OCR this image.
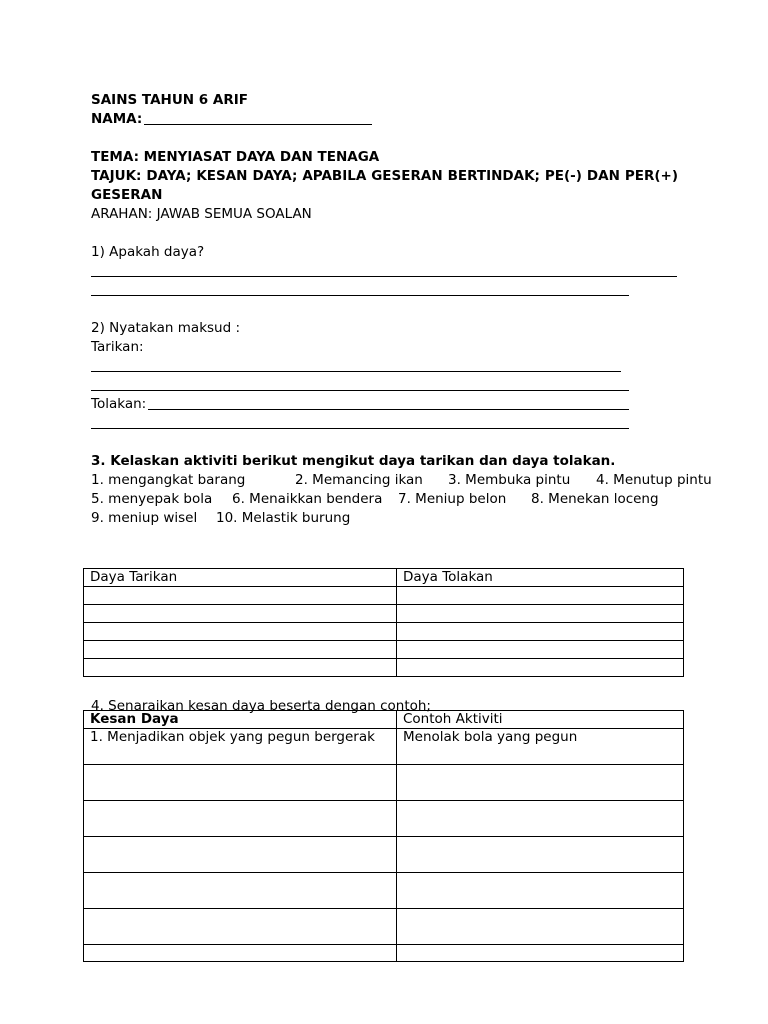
SAINS TAHUN 6 ARIF
NAMA:
TEMA: MENYIASAT DAYA DAN TENAGA
TAJUK: DAYA; KESAN DAYA; APABILA GESERAN BERTINDAK; PE(-) DAN PER(+) GESERAN
ARAHAN: JAWAB SEMUA SOALAN
1) Apakah daya?
2) Nyatakan maksud :
Tarikan:
Tolakan:
3. Kelaskan aktiviti berikut mengikut daya tarikan dan daya tolakan.
1. mengangkat barang	2. Memancing ikan 3. Membuka pintu 4. Menutup pintu
5. menyepak bola 6. Menaikkan bendera 7. Meniup belon 8. Menekan loceng
9. meniup wisel 10. Melastik burung
4. Senaraikan kesan daya beserta dengan contoh;
Daya Tarikan	Daya Tolakan

Kesan Daya	Contoh Aktiviti
1. Menjadikan objek yang pegun bergerak	Menolak bola yang pegun
